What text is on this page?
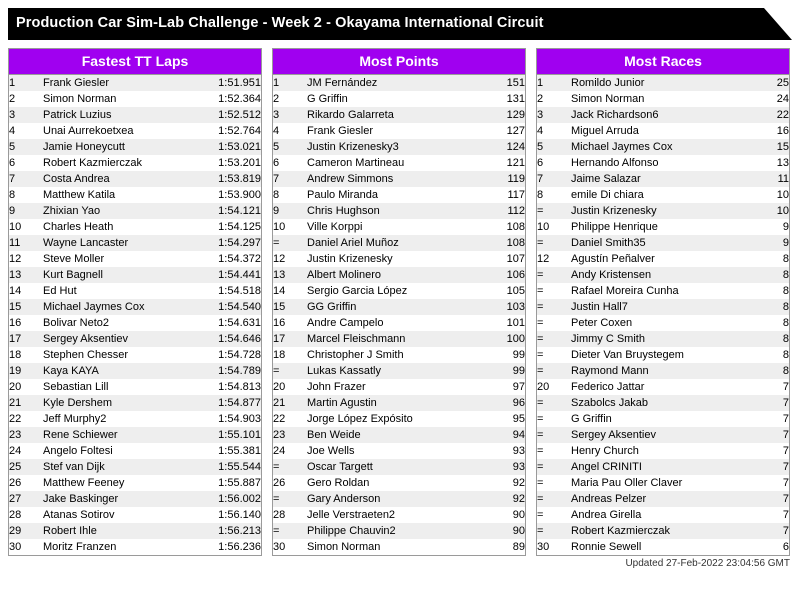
Production Car Sim-Lab Challenge - Week 2 - Okayama International Circuit
Fastest TT Laps
1	Frank Giesler	1:51.951
2	Simon Norman	1:52.364
3	Patrick Luzius	1:52.512
4	Unai Aurrekoetxea	1:52.764
5	Jamie Honeycutt	1:53.021
6	Robert Kazmierczak	1:53.201
7	Costa Andrea	1:53.819
8	Matthew Katila	1:53.900
9	Zhixian Yao	1:54.121
10	Charles Heath	1:54.125
11	Wayne Lancaster	1:54.297
12	Steve Moller	1:54.372
13	Kurt Bagnell	1:54.441
14	Ed Hut	1:54.518
15	Michael Jaymes Cox	1:54.540
16	Bolivar Neto2	1:54.631
17	Sergey Aksentiev	1:54.646
18	Stephen Chesser	1:54.728
19	Kaya KAYA	1:54.789
20	Sebastian Lill	1:54.813
21	Kyle Dershem	1:54.877
22	Jeff Murphy2	1:54.903
23	Rene Schiewer	1:55.101
24	Angelo Foltesi	1:55.381
25	Stef van Dijk	1:55.544
26	Matthew Feeney	1:55.887
27	Jake Baskinger	1:56.002
28	Atanas Sotirov	1:56.140
29	Robert Ihle	1:56.213
30	Moritz Franzen	1:56.236
Most Points
1	JM Fernández	151
2	G Griffin	131
3	Rikardo Galarreta	129
4	Frank Giesler	127
5	Justin Krizenesky3	124
6	Cameron Martineau	121
7	Andrew Simmons	119
8	Paulo Miranda	117
9	Chris Hughson	112
10	Ville Korppi	108
=	Daniel Ariel Muñoz	108
12	Justin Krizenesky	107
13	Albert Molinero	106
14	Sergio Garcia López	105
15	GG Griffin	103
16	Andre Campelo	101
17	Marcel Fleischmann	100
18	Christopher J Smith	99
=	Lukas Kassatly	99
20	John Frazer	97
21	Martin Agustin	96
22	Jorge López Expósito	95
23	Ben Weide	94
24	Joe Wells	93
=	Oscar Targett	93
26	Gero Roldan	92
=	Gary Anderson	92
28	Jelle Verstraeten2	90
=	Philippe Chauvin2	90
30	Simon Norman	89
Most Races
1	Romildo Junior	25
2	Simon Norman	24
3	Jack Richardson6	22
4	Miguel Arruda	16
5	Michael Jaymes Cox	15
6	Hernando Alfonso	13
7	Jaime Salazar	11
8	emile Di chiara	10
=	Justin Krizenesky	10
10	Philippe Henrique	9
=	Daniel Smith35	9
12	Agustín Peñalver	8
=	Andy Kristensen	8
=	Rafael Moreira Cunha	8
=	Justin Hall7	8
=	Peter Coxen	8
=	Jimmy C Smith	8
=	Dieter Van Bruystegem	8
=	Raymond Mann	8
20	Federico Jattar	7
=	Szabolcs Jakab	7
=	G Griffin	7
=	Sergey Aksentiev	7
=	Henry Church	7
=	Angel CRINITI	7
=	Maria Pau Oller Claver	7
=	Andreas Pelzer	7
=	Andrea Girella	7
=	Robert Kazmierczak	7
30	Ronnie Sewell	6
Updated 27-Feb-2022 23:04:56 GMT
